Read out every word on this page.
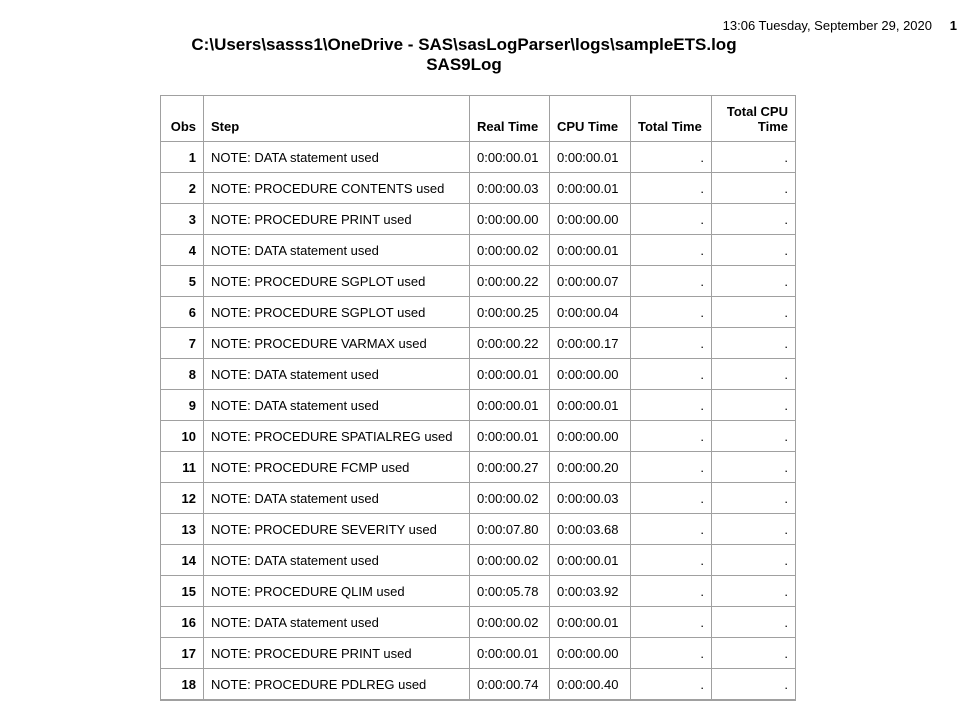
13:06 Tuesday, September 29, 2020 1
C:\Users\sasss1\OneDrive - SAS\sasLogParser\logs\sampleETS.log
SAS9Log
Obs	Step	Real Time	CPU Time	Total Time	Total CPU Time
1	NOTE: DATA statement used	0:00:00.01	0:00:00.01	.	.
2	NOTE: PROCEDURE CONTENTS used	0:00:00.03	0:00:00.01	.	.
3	NOTE: PROCEDURE PRINT used	0:00:00.00	0:00:00.00	.	.
4	NOTE: DATA statement used	0:00:00.02	0:00:00.01	.	.
5	NOTE: PROCEDURE SGPLOT used	0:00:00.22	0:00:00.07	.	.
6	NOTE: PROCEDURE SGPLOT used	0:00:00.25	0:00:00.04	.	.
7	NOTE: PROCEDURE VARMAX used	0:00:00.22	0:00:00.17	.	.
8	NOTE: DATA statement used	0:00:00.01	0:00:00.00	.	.
9	NOTE: DATA statement used	0:00:00.01	0:00:00.01	.	.
10	NOTE: PROCEDURE SPATIALREG used	0:00:00.01	0:00:00.00	.	.
11	NOTE: PROCEDURE FCMP used	0:00:00.27	0:00:00.20	.	.
12	NOTE: DATA statement used	0:00:00.02	0:00:00.03	.	.
13	NOTE: PROCEDURE SEVERITY used	0:00:07.80	0:00:03.68	.	.
14	NOTE: DATA statement used	0:00:00.02	0:00:00.01	.	.
15	NOTE: PROCEDURE QLIM used	0:00:05.78	0:00:03.92	.	.
16	NOTE: DATA statement used	0:00:00.02	0:00:00.01	.	.
17	NOTE: PROCEDURE PRINT used	0:00:00.01	0:00:00.00	.	.
18	NOTE: PROCEDURE PDLREG used	0:00:00.74	0:00:00.40	.	.
